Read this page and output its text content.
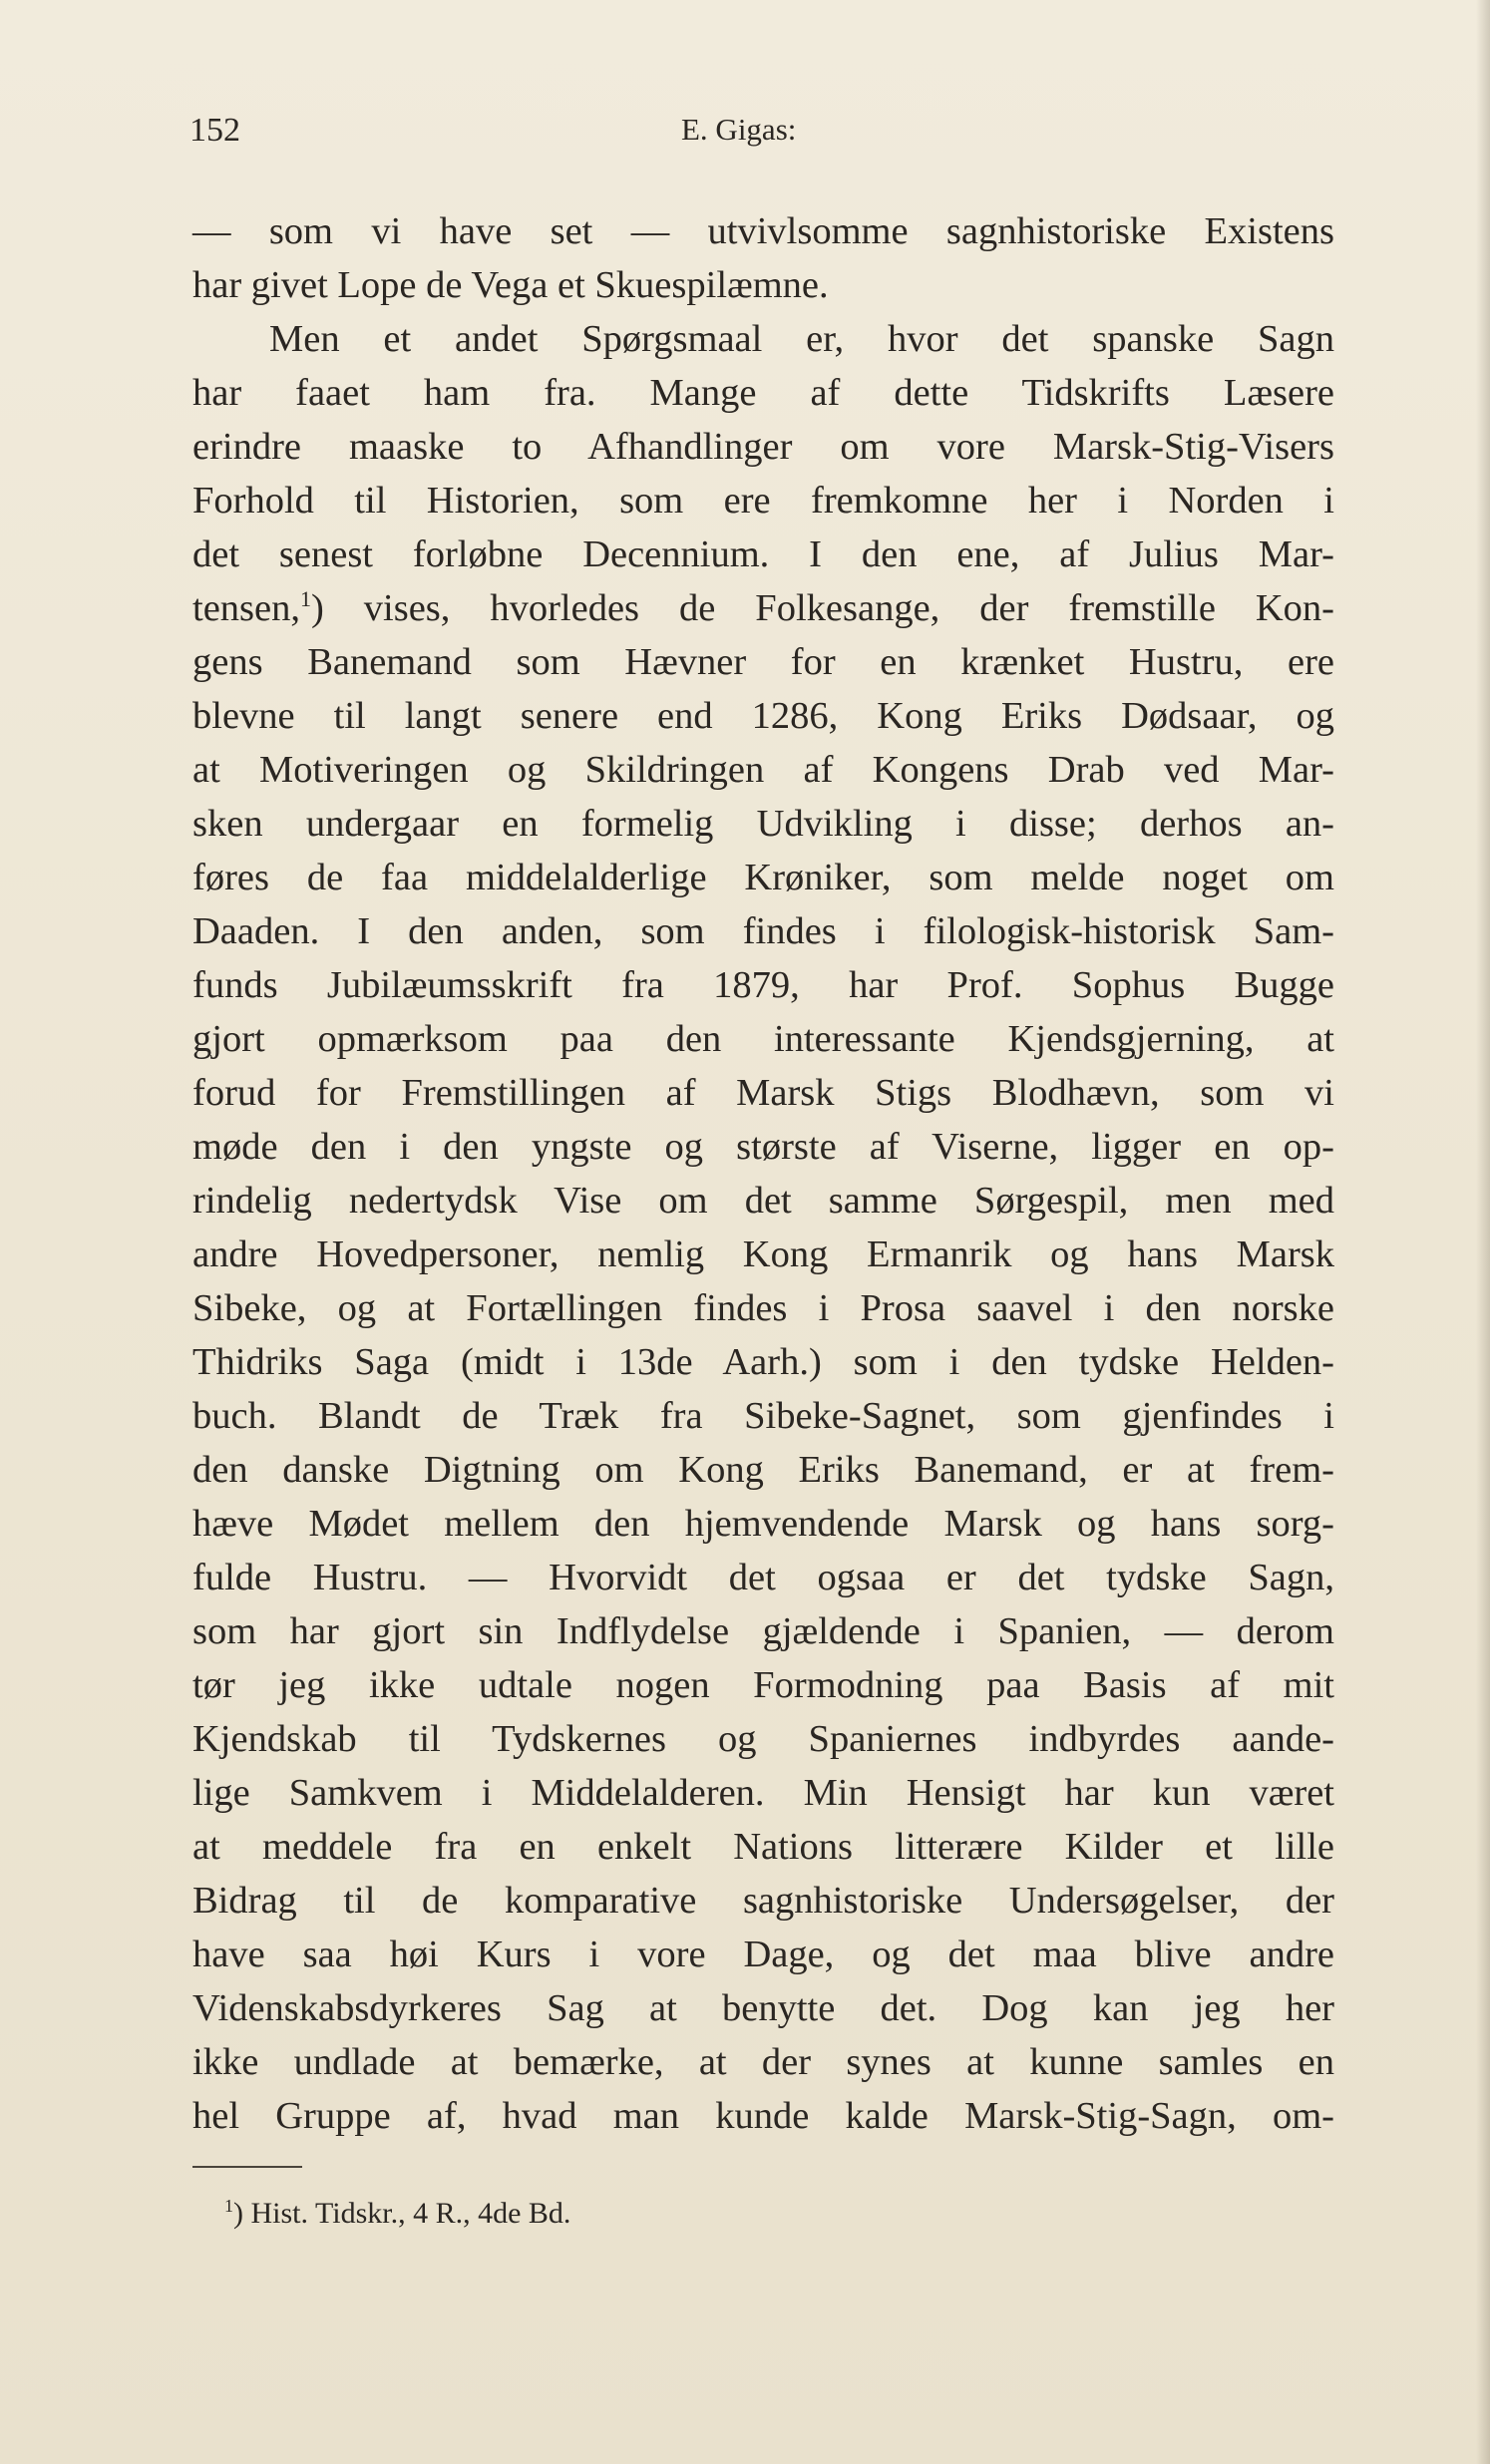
152	E. Gigas:
— som vi have set — utvivlsomme sagnhistoriske Existens
har givet Lope de Vega et Skuespilæmne.
Men et andet Spørgsmaal er, hvor det spanske Sagn
har faaet ham fra. Mange af dette Tidskrifts Læsere
erindre maaske to Afhandlinger om vore Marsk-Stig-Visers
Forhold til Historien, som ere fremkomne her i Norden i
det senest forløbne Decennium. I den ene, af Julius Mar-
tensen,$^1$) vises, hvorledes de Folkesange, der fremstille Kon-
gens Banemand som Hævner for en krænket Hustru, ere
blevne til langt senere end 1286, Kong Eriks Dødsaar, og
at Motiveringen og Skildringen af Kongens Drab ved Mar-
sken undergaar en formelig Udvikling i disse; derhos an-
føres de faa middelalderlige Krøniker, som melde noget om
Daaden. I den anden, som findes i filologisk-historisk Sam-
funds Jubilæumsskrift fra 1879, har Prof. Sophus Bugge
gjort opmærksom paa den interessante Kjendsgjerning, at
forud for Fremstillingen af Marsk Stigs Blodhævn, som vi
møde den i den yngste og største af Viserne, ligger en op-
rindelig nedertydsk Vise om det samme Sørgespil, men med
andre Hovedpersoner, nemlig Kong Ermanrik og hans Marsk
Sibeke, og at Fortællingen findes i Prosa saavel i den norske
Thidriks Saga (midt i 13de Aarh.) som i den tydske Helden-
buch. Blandt de Træk fra Sibeke-Sagnet, som gjenfindes i
den danske Digtning om Kong Eriks Banemand, er at frem-
hæve Mødet mellem den hjemvendende Marsk og hans sorg-
fulde Hustru. — Hvorvidt det ogsaa er det tydske Sagn,
som har gjort sin Indflydelse gjældende i Spanien, — derom
tør jeg ikke udtale nogen Formodning paa Basis af mit
Kjendskab til Tydskernes og Spaniernes indbyrdes aande-
lige Samkvem i Middelalderen. Min Hensigt har kun været
at meddele fra en enkelt Nations litterære Kilder et lille
Bidrag til de komparative sagnhistoriske Undersøgelser, der
have saa høi Kurs i vore Dage, og det maa blive andre
Videnskabsdyrkeres Sag at benytte det. Dog kan jeg her
ikke undlade at bemærke, at der synes at kunne samles en
hel Gruppe af, hvad man kunde kalde Marsk-Stig-Sagn, om-
$^1$) Hist. Tidskr., 4 R., 4de Bd.
